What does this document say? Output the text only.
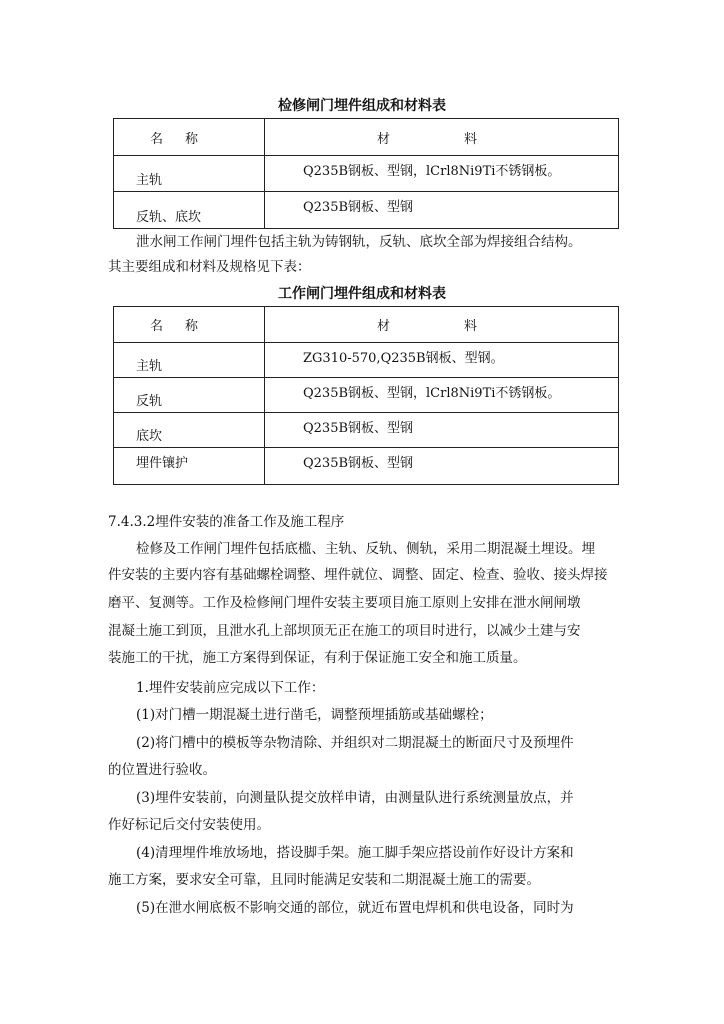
检修闸门埋件组成和材料表
名 称	材 料
主轨	Q235B钢板、型钢，lCrl8Ni9Ti不锈钢板。
反轨、底坎	Q235B钢板、型钢
泄水闸工作闸门埋件包括主轨为铸钢轨，反轨、底坎全部为焊接组合结构。
其主要组成和材料及规格见下表：
工作闸门埋件组成和材料表
名 称	材 料
主轨	ZG310-570,Q235B钢板、型钢。
反轨	Q235B钢板、型钢，lCrl8Ni9Ti不锈钢板。
底坎	Q235B钢板、型钢
埋件镶护	Q235B钢板、型钢
7.4.3.2埋件安装的准备工作及施工程序
检修及工作闸门埋件包括底槛、主轨、反轨、侧轨，采用二期混凝土埋设。埋
件安装的主要内容有基础螺栓调整、埋件就位、调整、固定、检查、验收、接头焊接
磨平、复测等。工作及检修闸门埋件安装主要项目施工原则上安排在泄水闸闸墩
混凝土施工到顶，且泄水孔上部坝顶无正在施工的项目时进行，以减少土建与安
装施工的干扰，施工方案得到保证，有利于保证施工安全和施工质量。
1.埋件安装前应完成以下工作：
(1)对门槽一期混凝土进行凿毛，调整预埋插筋或基础螺栓；
(2)将门槽中的模板等杂物清除、并组织对二期混凝土的断面尺寸及预埋件
的位置进行验收。
(3)埋件安装前，向测量队提交放样申请，由测量队进行系统测量放点，并
作好标记后交付安装使用。
(4)清理埋件堆放场地，搭设脚手架。施工脚手架应搭设前作好设计方案和
施工方案，要求安全可靠，且同时能满足安装和二期混凝土施工的需要。
(5)在泄水闸底板不影响交通的部位，就近布置电焊机和供电设备，同时为
